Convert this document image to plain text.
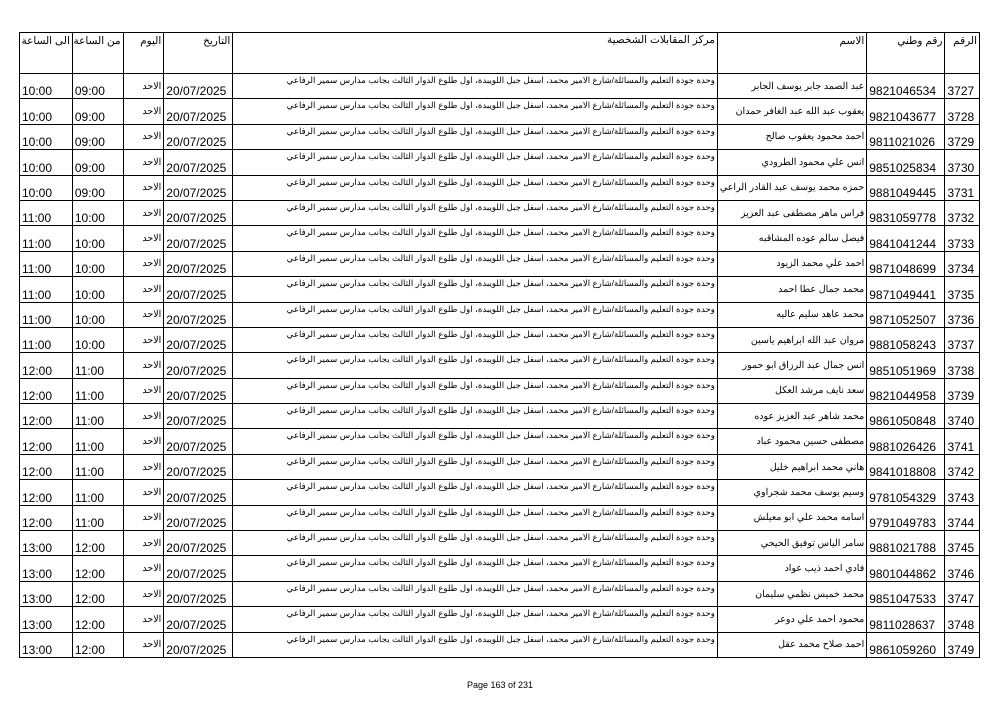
الرقم	رقم وطني	الاسم	مركز المقابلات الشخصية	التاريخ	اليوم	من الساعة	الى الساعة
3727	9821046534	عبد الصمد جابر يوسف الجابر	وحدة جودة التعليم والمسائلة/شارع الامير محمد، اسفل جبل اللويبدة، اول طلوع الدوار الثالث بجانب مدارس سمير الرفاعي	20/07/2025	الاحد	09:00	10:00
3728	9821043677	يعقوب عبد الله عبد الغافر حمدان	وحدة جودة التعليم والمسائلة/شارع الامير محمد، اسفل جبل اللويبدة، اول طلوع الدوار الثالث بجانب مدارس سمير الرفاعي	20/07/2025	الاحد	09:00	10:00
3729	9811021026	احمد محمود يعقوب صالح	وحدة جودة التعليم والمسائلة/شارع الامير محمد، اسفل جبل اللويبدة، اول طلوع الدوار الثالث بجانب مدارس سمير الرفاعي	20/07/2025	الاحد	09:00	10:00
3730	9851025834	انس علي محمود الطرودي	وحدة جودة التعليم والمسائلة/شارع الامير محمد، اسفل جبل اللويبدة، اول طلوع الدوار الثالث بجانب مدارس سمير الرفاعي	20/07/2025	الاحد	09:00	10:00
3731	9881049445	حمزه محمد يوسف عبد القادر الراعي	وحدة جودة التعليم والمسائلة/شارع الامير محمد، اسفل جبل اللويبدة، اول طلوع الدوار الثالث بجانب مدارس سمير الرفاعي	20/07/2025	الاحد	09:00	10:00
3732	9831059778	فراس ماهر مصطفى عبد العزيز	وحدة جودة التعليم والمسائلة/شارع الامير محمد، اسفل جبل اللويبدة، اول طلوع الدوار الثالث بجانب مدارس سمير الرفاعي	20/07/2025	الاحد	10:00	11:00
3733	9841041244	فيصل سالم عوده المشاقبه	وحدة جودة التعليم والمسائلة/شارع الامير محمد، اسفل جبل اللويبدة، اول طلوع الدوار الثالث بجانب مدارس سمير الرفاعي	20/07/2025	الاحد	10:00	11:00
3734	9871048699	احمد علي محمد الزيود	وحدة جودة التعليم والمسائلة/شارع الامير محمد، اسفل جبل اللويبدة، اول طلوع الدوار الثالث بجانب مدارس سمير الرفاعي	20/07/2025	الاحد	10:00	11:00
3735	9871049441	محمد جمال عطا احمد	وحدة جودة التعليم والمسائلة/شارع الامير محمد، اسفل جبل اللويبدة، اول طلوع الدوار الثالث بجانب مدارس سمير الرفاعي	20/07/2025	الاحد	10:00	11:00
3736	9871052507	محمد عاهد سليم عاليه	وحدة جودة التعليم والمسائلة/شارع الامير محمد، اسفل جبل اللويبدة، اول طلوع الدوار الثالث بجانب مدارس سمير الرفاعي	20/07/2025	الاحد	10:00	11:00
3737	9881058243	مروان عبد الله ابراهيم ياسين	وحدة جودة التعليم والمسائلة/شارع الامير محمد، اسفل جبل اللويبدة، اول طلوع الدوار الثالث بجانب مدارس سمير الرفاعي	20/07/2025	الاحد	10:00	11:00
3738	9851051969	انس جمال عبد الرزاق ابو حمور	وحدة جودة التعليم والمسائلة/شارع الامير محمد، اسفل جبل اللويبدة، اول طلوع الدوار الثالث بجانب مدارس سمير الرفاعي	20/07/2025	الاحد	11:00	12:00
3739	9821044958	سعد نايف مرشد العكل	وحدة جودة التعليم والمسائلة/شارع الامير محمد، اسفل جبل اللويبدة، اول طلوع الدوار الثالث بجانب مدارس سمير الرفاعي	20/07/2025	الاحد	11:00	12:00
3740	9861050848	محمد شاهر عبد العزيز عوده	وحدة جودة التعليم والمسائلة/شارع الامير محمد، اسفل جبل اللويبدة، اول طلوع الدوار الثالث بجانب مدارس سمير الرفاعي	20/07/2025	الاحد	11:00	12:00
3741	9881026426	مصطفى حسين محمود عباد	وحدة جودة التعليم والمسائلة/شارع الامير محمد، اسفل جبل اللويبدة، اول طلوع الدوار الثالث بجانب مدارس سمير الرفاعي	20/07/2025	الاحد	11:00	12:00
3742	9841018808	هاني محمد ابراهيم خليل	وحدة جودة التعليم والمسائلة/شارع الامير محمد، اسفل جبل اللويبدة، اول طلوع الدوار الثالث بجانب مدارس سمير الرفاعي	20/07/2025	الاحد	11:00	12:00
3743	9781054329	وسيم يوسف محمد شجراوي	وحدة جودة التعليم والمسائلة/شارع الامير محمد، اسفل جبل اللويبدة، اول طلوع الدوار الثالث بجانب مدارس سمير الرفاعي	20/07/2025	الاحد	11:00	12:00
3744	9791049783	اسامه محمد علي ابو معيلش	وحدة جودة التعليم والمسائلة/شارع الامير محمد، اسفل جبل اللويبدة، اول طلوع الدوار الثالث بجانب مدارس سمير الرفاعي	20/07/2025	الاحد	11:00	12:00
3745	9881021788	سامر الياس توفيق الحيحي	وحدة جودة التعليم والمسائلة/شارع الامير محمد، اسفل جبل اللويبدة، اول طلوع الدوار الثالث بجانب مدارس سمير الرفاعي	20/07/2025	الاحد	12:00	13:00
3746	9801044862	فادي احمد ذيب عواد	وحدة جودة التعليم والمسائلة/شارع الامير محمد، اسفل جبل اللويبدة، اول طلوع الدوار الثالث بجانب مدارس سمير الرفاعي	20/07/2025	الاحد	12:00	13:00
3747	9851047533	محمد خميس نظمي سليمان	وحدة جودة التعليم والمسائلة/شارع الامير محمد، اسفل جبل اللويبدة، اول طلوع الدوار الثالث بجانب مدارس سمير الرفاعي	20/07/2025	الاحد	12:00	13:00
3748	9811028637	محمود احمد علي دوعر	وحدة جودة التعليم والمسائلة/شارع الامير محمد، اسفل جبل اللويبدة، اول طلوع الدوار الثالث بجانب مدارس سمير الرفاعي	20/07/2025	الاحد	12:00	13:00
3749	9861059260	احمد صلاح محمد عقل	وحدة جودة التعليم والمسائلة/شارع الامير محمد، اسفل جبل اللويبدة، اول طلوع الدوار الثالث بجانب مدارس سمير الرفاعي	20/07/2025	الاحد	12:00	13:00
Page 163 of 231
